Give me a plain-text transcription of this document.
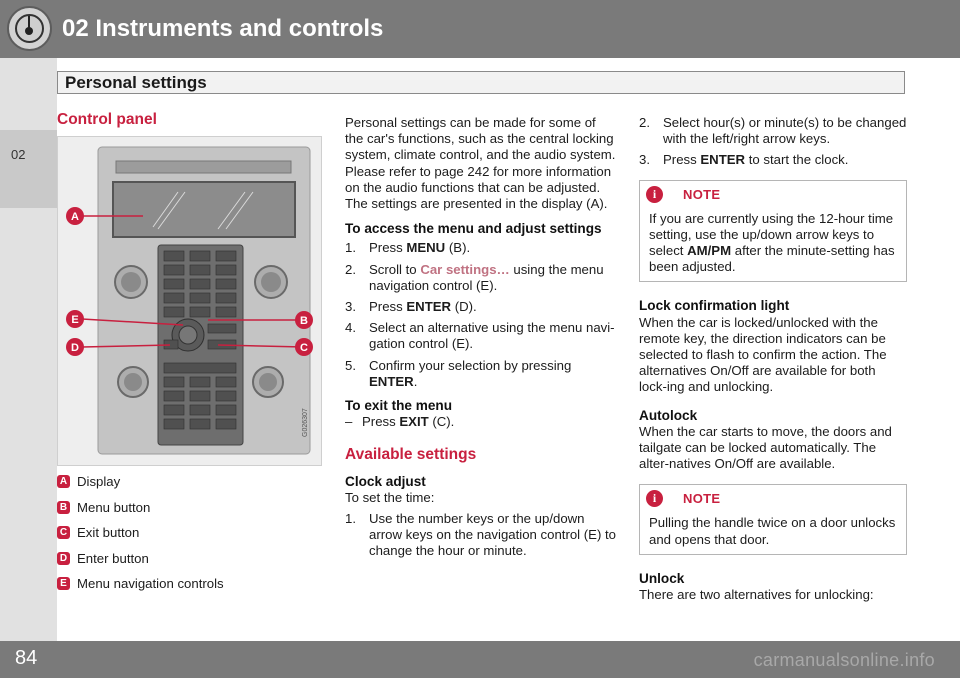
02 Instruments and controls
02
Personal settings
Control panel
A
E
D
B
C
G026307
A Display
B Menu button
C Exit button
D Enter button
E Menu navigation controls

Personal settings can be made for some of the car's functions, such as the central locking system, climate control, and the audio system. Please refer to page 242 for more information on the audio functions that can be adjusted. The settings are presented in the display (A).

To access the menu and adjust settings
1. Press MENU (B).
2. Scroll to Car settings… using the menu navigation control (E).
3. Press ENTER (D).
4. Select an alternative using the menu navi-gation control (E).
5. Confirm your selection by pressing ENTER.
To exit the menu
– Press EXIT (C).
Available settings
Clock adjust

To set the time:

1. Use the number keys or the up/down arrow keys on the navigation control (E) to change the hour or minute.
2. Select hour(s) or minute(s) to be changed with the left/right arrow keys.
3. Press ENTER to start the clock.
i	NOTE

If you are currently using the 12-hour time setting, use the up/down arrow keys to select AM/PM after the minute-setting has been adjusted.

Lock confirmation light

When the car is locked/unlocked with the remote key, the direction indicators can be selected to flash to confirm the action. The alternatives On/Off are available for both lock-ing and unlocking.

Autolock

When the car starts to move, the doors and tailgate can be locked automatically. The alter-natives On/Off are available.

i	NOTE

Pulling the handle twice on a door unlocks and opens that door.

Unlock

There are two alternatives for unlocking:

84	carmanualsonline.info
